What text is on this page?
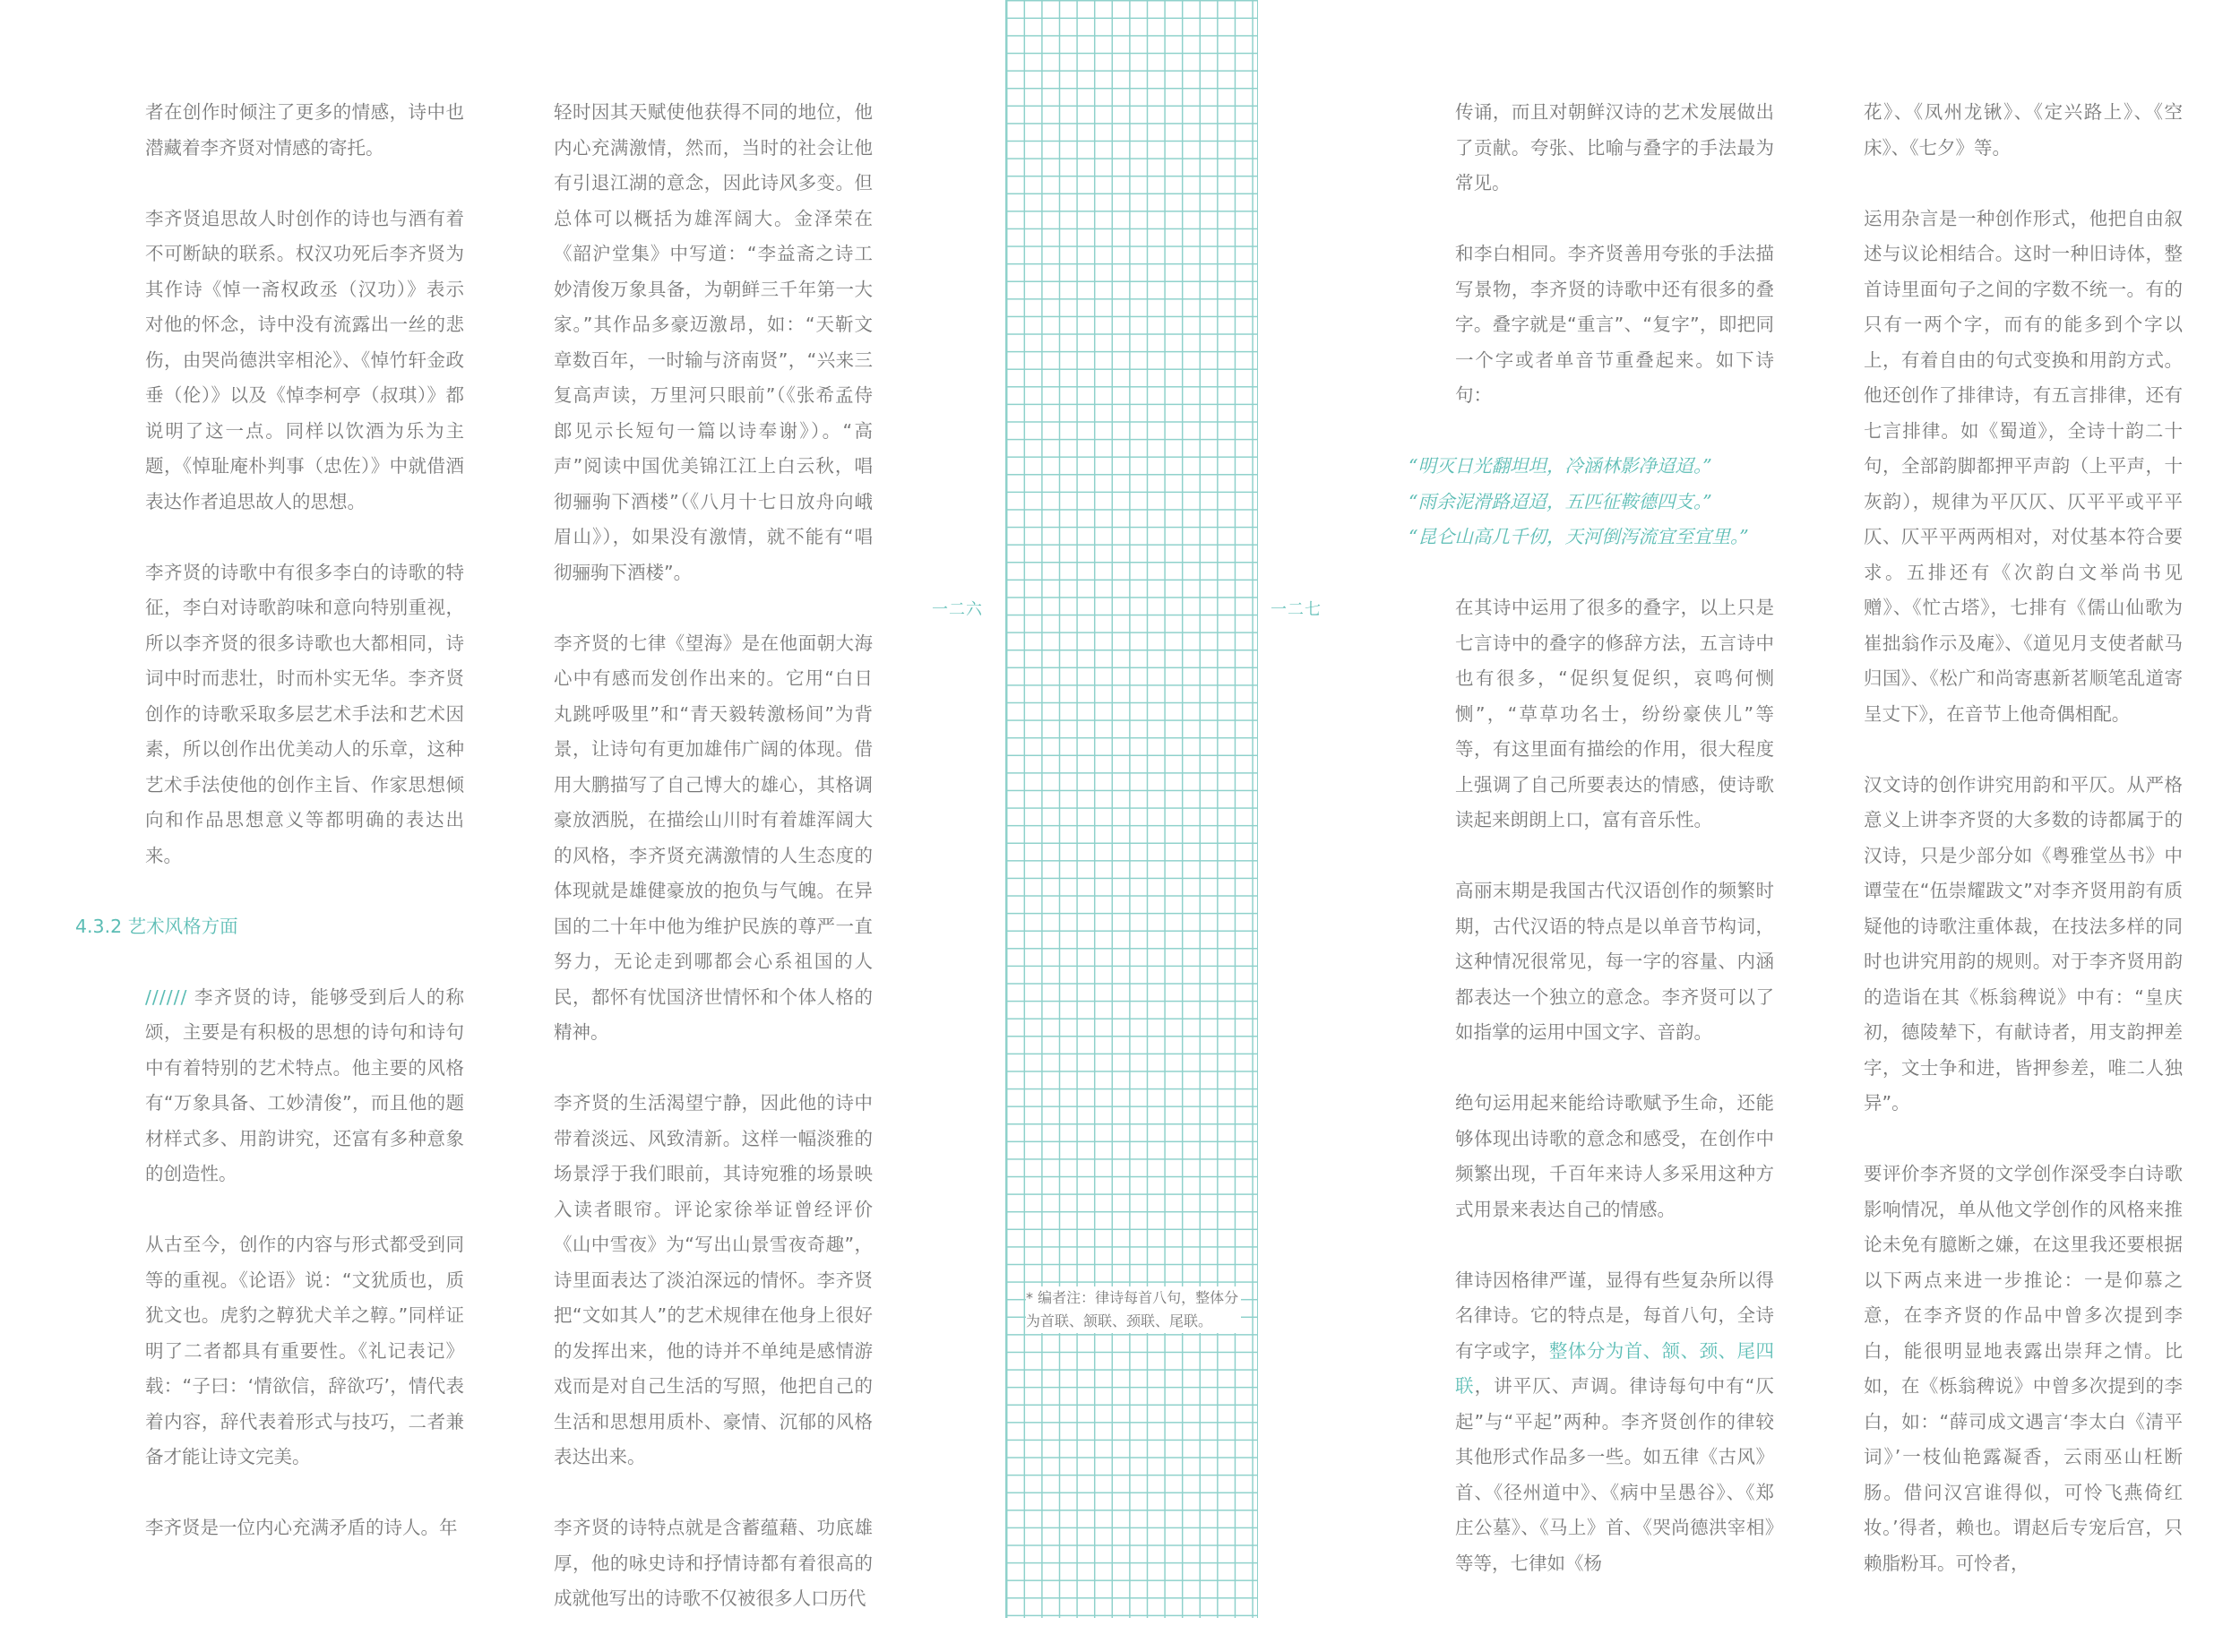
者在创作时倾注了更多的情感，诗中也潜藏着李齐贤对情感的寄托。

李齐贤追思故人时创作的诗也与酒有着不可断缺的联系。权汉功死后李齐贤为其作诗《悼一斋权政丞（汉功）》表示对他的怀念，诗中没有流露出一丝的悲伤，由哭尚德洪宰相沦》、《悼竹轩金政垂（伦）》以及《悼李柯亭（叔琪）》都说明了这一点。同样以饮酒为乐为主题，《悼耻庵朴判事（忠佐）》中就借酒表达作者追思故人的思想。

李齐贤的诗歌中有很多李白的诗歌的特征，李白对诗歌韵味和意向特别重视，所以李齐贤的很多诗歌也大都相同，诗词中时而悲壮，时而朴实无华。李齐贤创作的诗歌采取多层艺术手法和艺术因素，所以创作出优美动人的乐章，这种艺术手法使他的创作主旨、作家思想倾向和作品思想意义等都明确的表达出来。

4.3.2 艺术风格方面

////// 李齐贤的诗，能够受到后人的称颂，主要是有积极的思想的诗句和诗句中有着特别的艺术特点。他主要的风格有“万象具备、工妙清俊”，而且他的题材样式多、用韵讲究，还富有多种意象的创造性。

从古至今，创作的内容与形式都受到同等的重视。《论语》说：“文犹质也，质犹文也。虎豹之鞟犹犬羊之鞟。”同样证明了二者都具有重要性。《礼记表记》载：“子曰：‘情欲信，辞欲巧’，情代表着内容，辞代表着形式与技巧，二者兼备才能让诗文完美。

李齐贤是一位内心充满矛盾的诗人。年

轻时因其天赋使他获得不同的地位，他内心充满激情，然而，当时的社会让他有引退江湖的意念，因此诗风多变。但总体可以概括为雄浑阔大。金泽荣在《韶沪堂集》中写道：“李益斋之诗工妙清俊万象具备，为朝鲜三千年第一大家。”其作品多豪迈激昂，如：“天靳文章数百年，一时输与济南贤”，“兴来三复高声读，万里河只眼前”（《张希孟侍郎见示长短句一篇以诗奉谢》）。“高声”阅读中国优美锦江江上白云秋，唱彻骊驹下酒楼”（《八月十七日放舟向峨眉山》），如果没有激情，就不能有“唱彻骊驹下酒楼”。

李齐贤的七律《望海》是在他面朝大海心中有感而发创作出来的。它用“白日丸跳呼吸里”和“青天毅转激杨间”为背景，让诗句有更加雄伟广阔的体现。借用大鹏描写了自己博大的雄心，其格调豪放洒脱，在描绘山川时有着雄浑阔大的风格，李齐贤充满激情的人生态度的体现就是雄健豪放的抱负与气魄。在异国的二十年中他为维护民族的尊严一直努力，无论走到哪都会心系祖国的人民，都怀有忧国济世情怀和个体人格的精神。

李齐贤的生活渴望宁静，因此他的诗中带着淡远、风致清新。这样一幅淡雅的场景浮于我们眼前，其诗宛雅的场景映入读者眼帘。评论家徐举证曾经评价《山中雪夜》为“写出山景雪夜奇趣”，诗里面表达了淡泊深远的情怀。李齐贤把“文如其人”的艺术规律在他身上很好的发挥出来，他的诗并不单纯是感情游戏而是对自己生活的写照，他把自己的生活和思想用质朴、豪情、沉郁的风格表达出来。

李齐贤的诗特点就是含蓄蕴藉、功底雄厚，他的咏史诗和抒情诗都有着很高的成就他写出的诗歌不仅被很多人口历代

一二六	一二七
* 编者注：律诗每首八句，整体分为首联、颔联、颈联、尾联。

传诵，而且对朝鲜汉诗的艺术发展做出了贡献。夸张、比喻与叠字的手法最为常见。

和李白相同。李齐贤善用夸张的手法描写景物，李齐贤的诗歌中还有很多的叠字。叠字就是“重言”、“复字”，即把同一个字或者单音节重叠起来。如下诗句：

“明灭日光翻坦坦，冷涵林影净迢迢。”
“雨余泥滑路迢迢，五匹征鞍德四支。”
“昆仑山高几千仞，天河倒泻流宜至宜里。”

在其诗中运用了很多的叠字，以上只是七言诗中的叠字的修辞方法，五言诗中也有很多，“促织复促织，哀鸣何恻恻”，“草草功名士，纷纷豪侠儿”等等，有这里面有描绘的作用，很大程度上强调了自己所要表达的情感，使诗歌读起来朗朗上口，富有音乐性。

高丽末期是我国古代汉语创作的频繁时期，古代汉语的特点是以单音节构词，这种情况很常见，每一字的容量、内涵都表达一个独立的意念。李齐贤可以了如指掌的运用中国文字、音韵。

绝句运用起来能给诗歌赋予生命，还能够体现出诗歌的意念和感受，在创作中频繁出现，千百年来诗人多采用这种方式用景来表达自己的情感。

律诗因格律严谨，显得有些复杂所以得名律诗。它的特点是，每首八句，全诗有字或字，整体分为首、颔、颈、尾四联，讲平仄、声调。律诗每句中有“仄起”与“平起”两种。李齐贤创作的律较其他形式作品多一些。如五律《古风》首、《径州道中》、《病中呈愚谷》、《郑庄公墓》、《马上》首、《哭尚德洪宰相》等等，七律如《杨

花》、《凤州龙锹》、《定兴路上》、《空床》、《七夕》等。

运用杂言是一种创作形式，他把自由叙述与议论相结合。这时一种旧诗体，整首诗里面句子之间的字数不统一。有的只有一两个字，而有的能多到个字以上，有着自由的句式变换和用韵方式。他还创作了排律诗，有五言排律，还有七言排律。如《蜀道》，全诗十韵二十句，全部韵脚都押平声韵（上平声，十灰韵），规律为平仄仄、仄平平或平平仄、仄平平两两相对，对仗基本符合要求。五排还有《次韵白文举尚书见赠》、《忙古塔》，七排有《儒山仙歌为崔拙翁作示及庵》、《道见月支使者献马归国》、《松广和尚寄惠新茗顺笔乱道寄呈丈下》，在音节上他奇偶相配。

汉文诗的创作讲究用韵和平仄。从严格意义上讲李齐贤的大多数的诗都属于的汉诗，只是少部分如《粤雅堂丛书》中谭莹在“伍崇耀跋文”对李齐贤用韵有质疑他的诗歌注重体裁，在技法多样的同时也讲究用韵的规则。对于李齐贤用韵的造诣在其《栎翁稗说》中有：“皇庆初，德陵辇下，有献诗者，用支韵押差字，文士争和进，皆押参差，唯二人独异”。

要评价李齐贤的文学创作深受李白诗歌影响情况，单从他文学创作的风格来推论未免有臆断之嫌，在这里我还要根据以下两点来进一步推论：一是仰慕之意，在李齐贤的作品中曾多次提到李白，能很明显地表露出崇拜之情。比如，在《栎翁稗说》中曾多次提到的李白，如：“薛司成文遇言‘李太白《清平词》’一枝仙艳露凝香，云雨巫山枉断肠。借问汉宫谁得似，可怜飞燕倚红妆。’得者，赖也。谓赵后专宠后宫，只赖脂粉耳。可怜者，
